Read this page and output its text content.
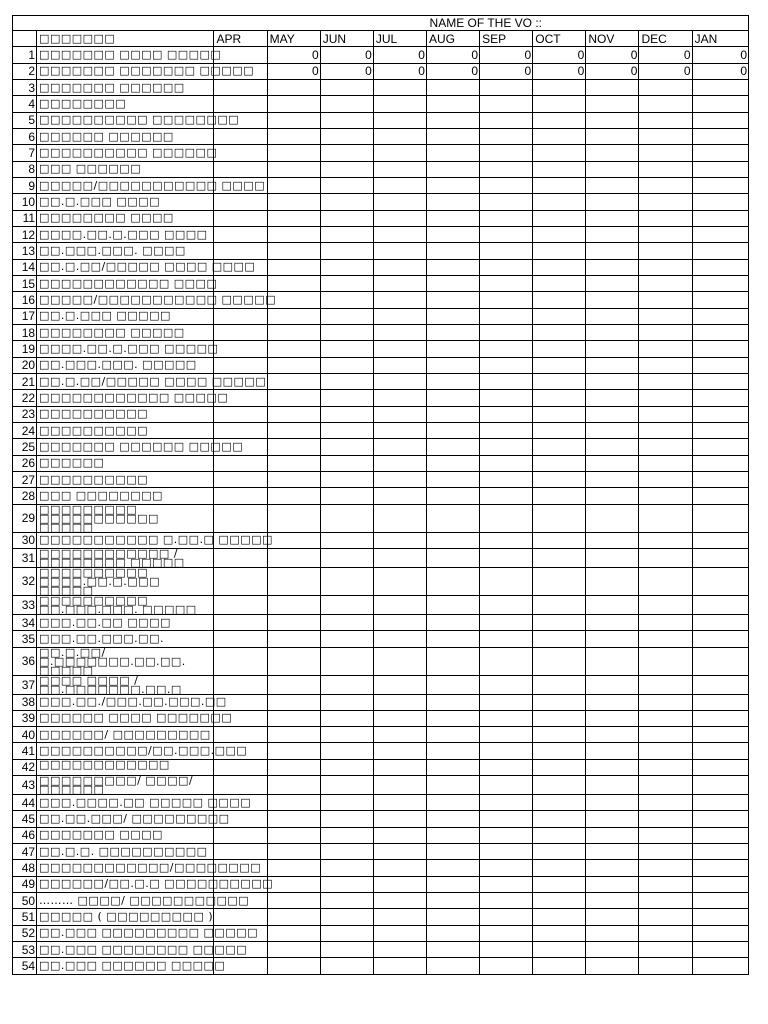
NAME OF THE VO ::											
	□□□□□□□	APR	MAY	JUN	JUL	AUG	SEP	OCT	NOV	DEC	JAN
1	□□□□□□□ □□□□ □□□□□		0	0	0	0	0	0	0	0	0
2	□□□□□□□ □□□□□□□ □□□□□		0	0	0	0	0	0	0	0	0
3	□□□□□□□ □□□□□□										
4	□□□□□□□□										
5	□□□□□□□□□□ □□□□□□□□										
6	□□□□□□ □□□□□□										
7	□□□□□□□□□□ □□□□□□										
8	□□□ □□□□□□										
9	□□□□□/□□□□□□□□□□□ □□□□										
10	□□.□.□□□ □□□□										
11	□□□□□□□□ □□□□										
12	□□□□.□□.□.□□□ □□□□										
13	□□.□□□.□□□. □□□□										
14	□□.□.□□/□□□□□ □□□□ □□□□										
15	□□□□□□□□□□□□ □□□□										
16	□□□□□/□□□□□□□□□□□ □□□□□										
17	□□.□.□□□ □□□□□										
18	□□□□□□□□ □□□□□										
19	□□□□.□□.□.□□□ □□□□□										
20	□□.□□□.□□□. □□□□□										
21	□□.□.□□/□□□□□ □□□□ □□□□□										
22	□□□□□□□□□□□□ □□□□□										
23	□□□□□□□□□□										
24	□□□□□□□□□□										
25	□□□□□□□ □□□□□□ □□□□□										
26	□□□□□□										
27	□□□□□□□□□□										
28	□□□ □□□□□□□□										
29	□□□□□□□□□ □□□□□□□□□□□ □□□□□										
30	□□□□□□□□□□□ □.□□.□ □□□□□										
31	□□□□□□□□□□□□ / □□□□□□□□ □□□□□										
32	□□□□□□□□□□ □□□□.□□.□.□□□ □□□□□										
33	□□□□□□□□□□ □□.□□□.□□□. □□□□□										
34	□□□.□□.□□ □□□□										
35	□□□.□□.□□□.□□.										
36	□□.□.□□/ □.□□□□□□□.□□.□□. □□□□□										
37	□□□□ □□□□ / □□.□□□□□□□.□□.□										
38	□□□.□□./□□□.□□.□□□.□□										
39	□□□□□□ □□□□ □□□□□□□										
40	□□□□□□/ □□□□□□□□□										
41	□□□□□□□□□□/□□.□□□.□□□										
42	□□□□□□□□□□□□										
43	□□□□□□□□□/ □□□□/ □□□□□□										
44	□□□.□□□□.□□ □□□□□ □□□□										
45	□□.□□.□□□/ □□□□□□□□□										
46	□□□□□□□ □□□□										
47	□□.□.□. □□□□□□□□□□										
48	□□□□□□□□□□□□/□□□□□□□□										
49	□□□□□□/□□.□.□ □□□□□□□□□□										
50	……… □□□□/ □□□□□□□□□□□										
51	□□□□□ ( □□□□□□□□□ )										
52	□□.□□□ □□□□□□□□□ □□□□□										
53	□□.□□□ □□□□□□□□ □□□□□										
54	□□.□□□ □□□□□□ □□□□□										
